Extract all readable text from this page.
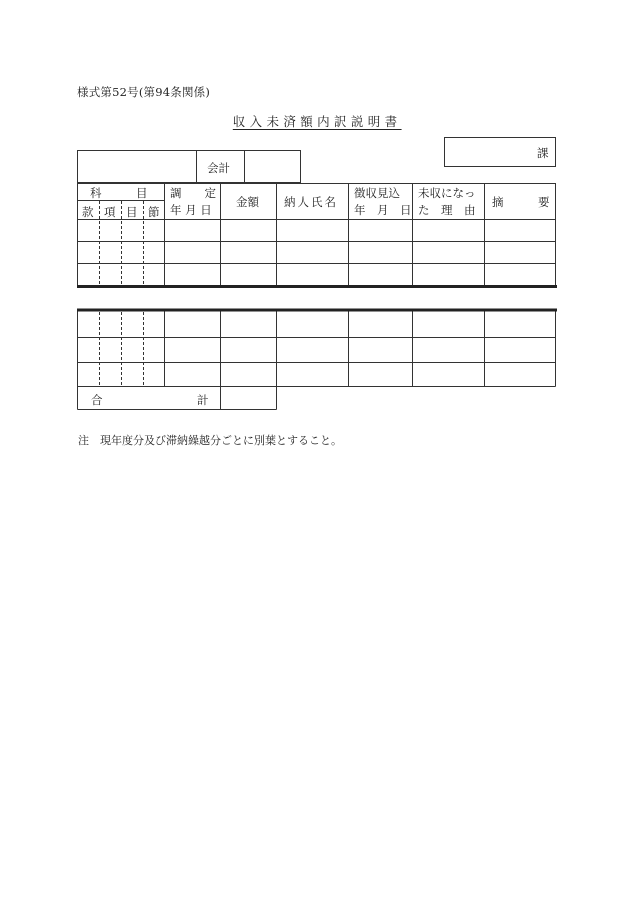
様式第52号(第94条関係)
収入未済額内訳説明書
課
会計
科　　　目
款 項 目 節
調　　定
年 月 日
金額 納人氏名
徴収見込
年　月　日
未収になっ
た　理　由
摘　　　要
合	計
注　現年度分及び滞納繰越分ごとに別葉とすること。
